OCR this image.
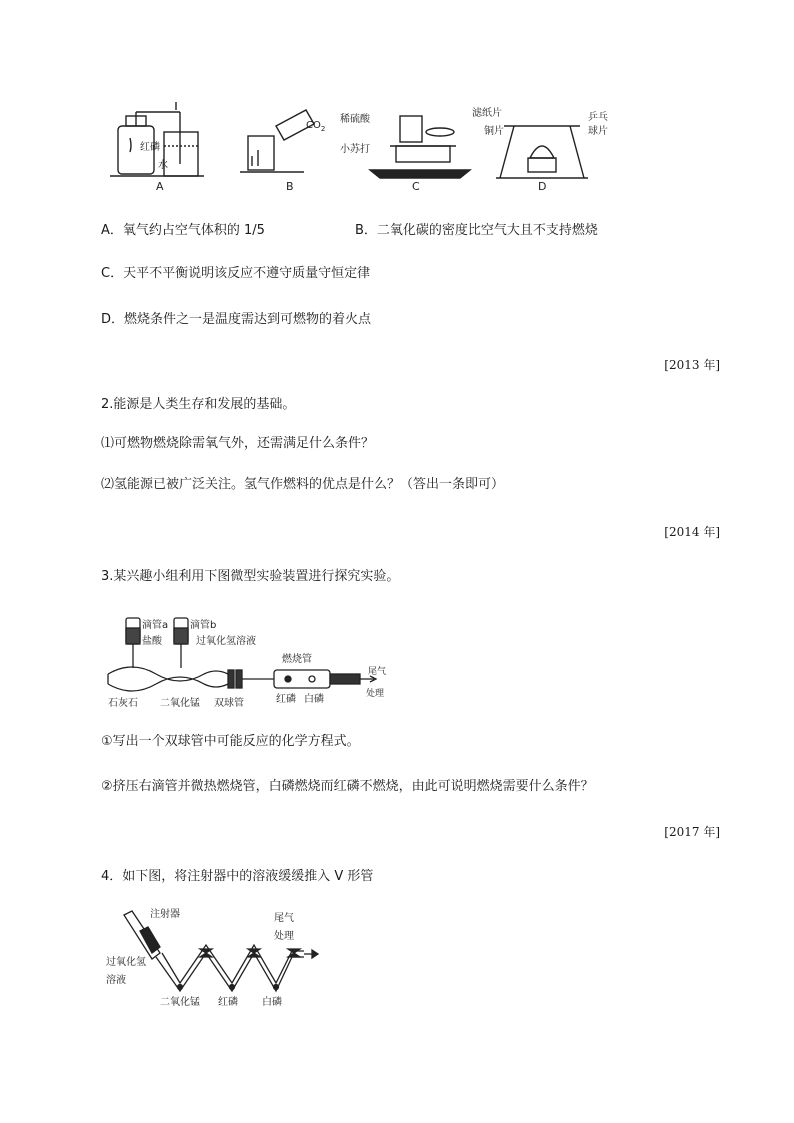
红磷
水
A
$CO_2$
B
稀硫酸
小苏打
C
滤纸片
铜片
乒乓
球片
D
A．氧气约占空气体积的 1/5	B．二氧化碳的密度比空气大且不支持燃烧
C．天平不平衡说明该反应不遵守质量守恒定律
D．燃烧条件之一是温度需达到可燃物的着火点
[2013 年]
2.能源是人类生存和发展的基础。
⑴可燃物燃烧除需氧气外，还需满足什么条件？
⑵氢能源已被广泛关注。氢气作燃料的优点是什么？（答出一条即可）
[2014 年]
3.某兴趣小组利用下图微型实验装置进行探究实验。
滴管a 滴管b
盐酸	过氧化氢溶液
燃烧管
尾气
处理
石灰石 二氧化锰 双球管	红磷 白磷
①写出一个双球管中可能反应的化学方程式。
②挤压右滴管并微热燃烧管，白磷燃烧而红磷不燃烧，由此可说明燃烧需要什么条件？
[2017 年]
4．如下图，将注射器中的溶液缓缓推入 V 形管
注射器	尾气
处理
过氧化氢
溶液
二氧化锰 红磷 白磷
